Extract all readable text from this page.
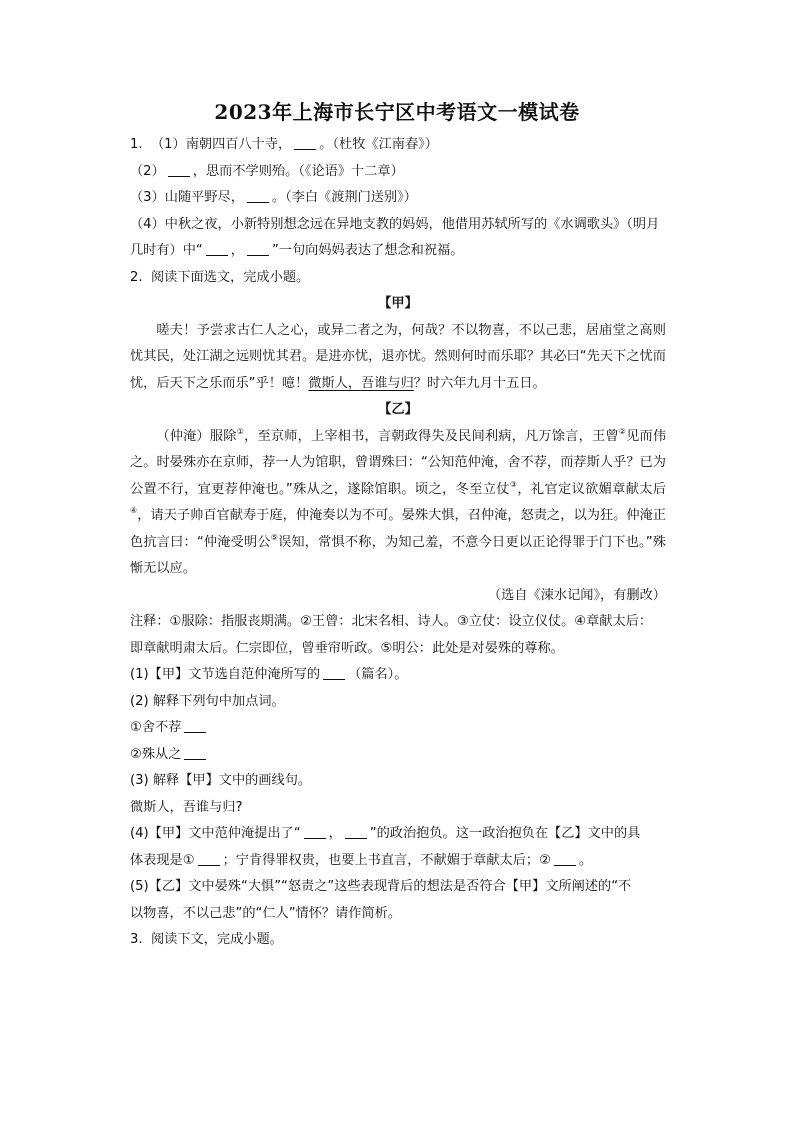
2023年上海市长宁区中考语文一模试卷
1.  （1）南朝四百八十寺， 。（杜牧《江南春》）
（2） ，思而不学则殆。（《论语》十二章）
（3）山随平野尽， 。（李白《渡荆门送别》）
（4）中秋之夜，小新特别想念远在异地支教的妈妈，他借用苏轼所写的《水调歌头》（明月
几时有）中“ ， ”一句向妈妈表达了想念和祝福。
2.  阅读下面选文，完成小题。
【甲】
嗟夫！予尝求古仁人之心，或异二者之为，何哉？不以物喜，不以己悲，居庙堂之高则忧其民，处江湖之远则忧其君。是进亦忧，退亦忧。然则何时而乐耶？其必曰“先天下之忧而忧，后天下之乐而乐”乎！噫！微斯人，吾谁与归？时六年九月十五日。
【乙】
（仲淹）服除①，至京师，上宰相书，言朝政得失及民间利病，凡万馀言，王曾②见而伟之。时晏殊亦在京师，荐一人为馆职，曾谓殊曰：“公知范仲淹，舍不荐，而荐斯人乎？已为公置不行，宜更荐仲淹也。”殊从之，遂除馆职。顷之，冬至立仗③，礼官定议欲媚章献太后④，请天子帅百官献寿于庭，仲淹奏以为不可。晏殊大惧，召仲淹，怒责之，以为狂。仲淹正色抗言曰：“仲淹受明公⑤误知，常惧不称，为知己羞，不意今日更以正论得罪于门下也。”殊惭无以应。
（选自《涑水记闻》，有删改）
注释：①服除：指服丧期满。②王曾：北宋名相、诗人。③立仗：设立仪仗。④章献太后：
即章献明肃太后。仁宗即位，曾垂帘听政。⑤明公：此处是对晏殊的尊称。
(1)【甲】文节选自范仲淹所写的 （篇名）。
(2) 解释下列句中加点词。
①舍不荐
②殊从之
(3) 解释【甲】文中的画线句。
微斯人，吾谁与归?
(4)【甲】文中范仲淹提出了“ ， ”的政治抱负。这一政治抱负在【乙】文中的具
体表现是① ；宁肯得罪权贵，也要上书直言，不献媚于章献太后；② 。
(5)【乙】文中晏殊“大惧”“怒责之”这些表现背后的想法是否符合【甲】文所阐述的“不
以物喜，不以己悲”的“仁人”情怀？请作简析。
3.  阅读下文，完成小题。
